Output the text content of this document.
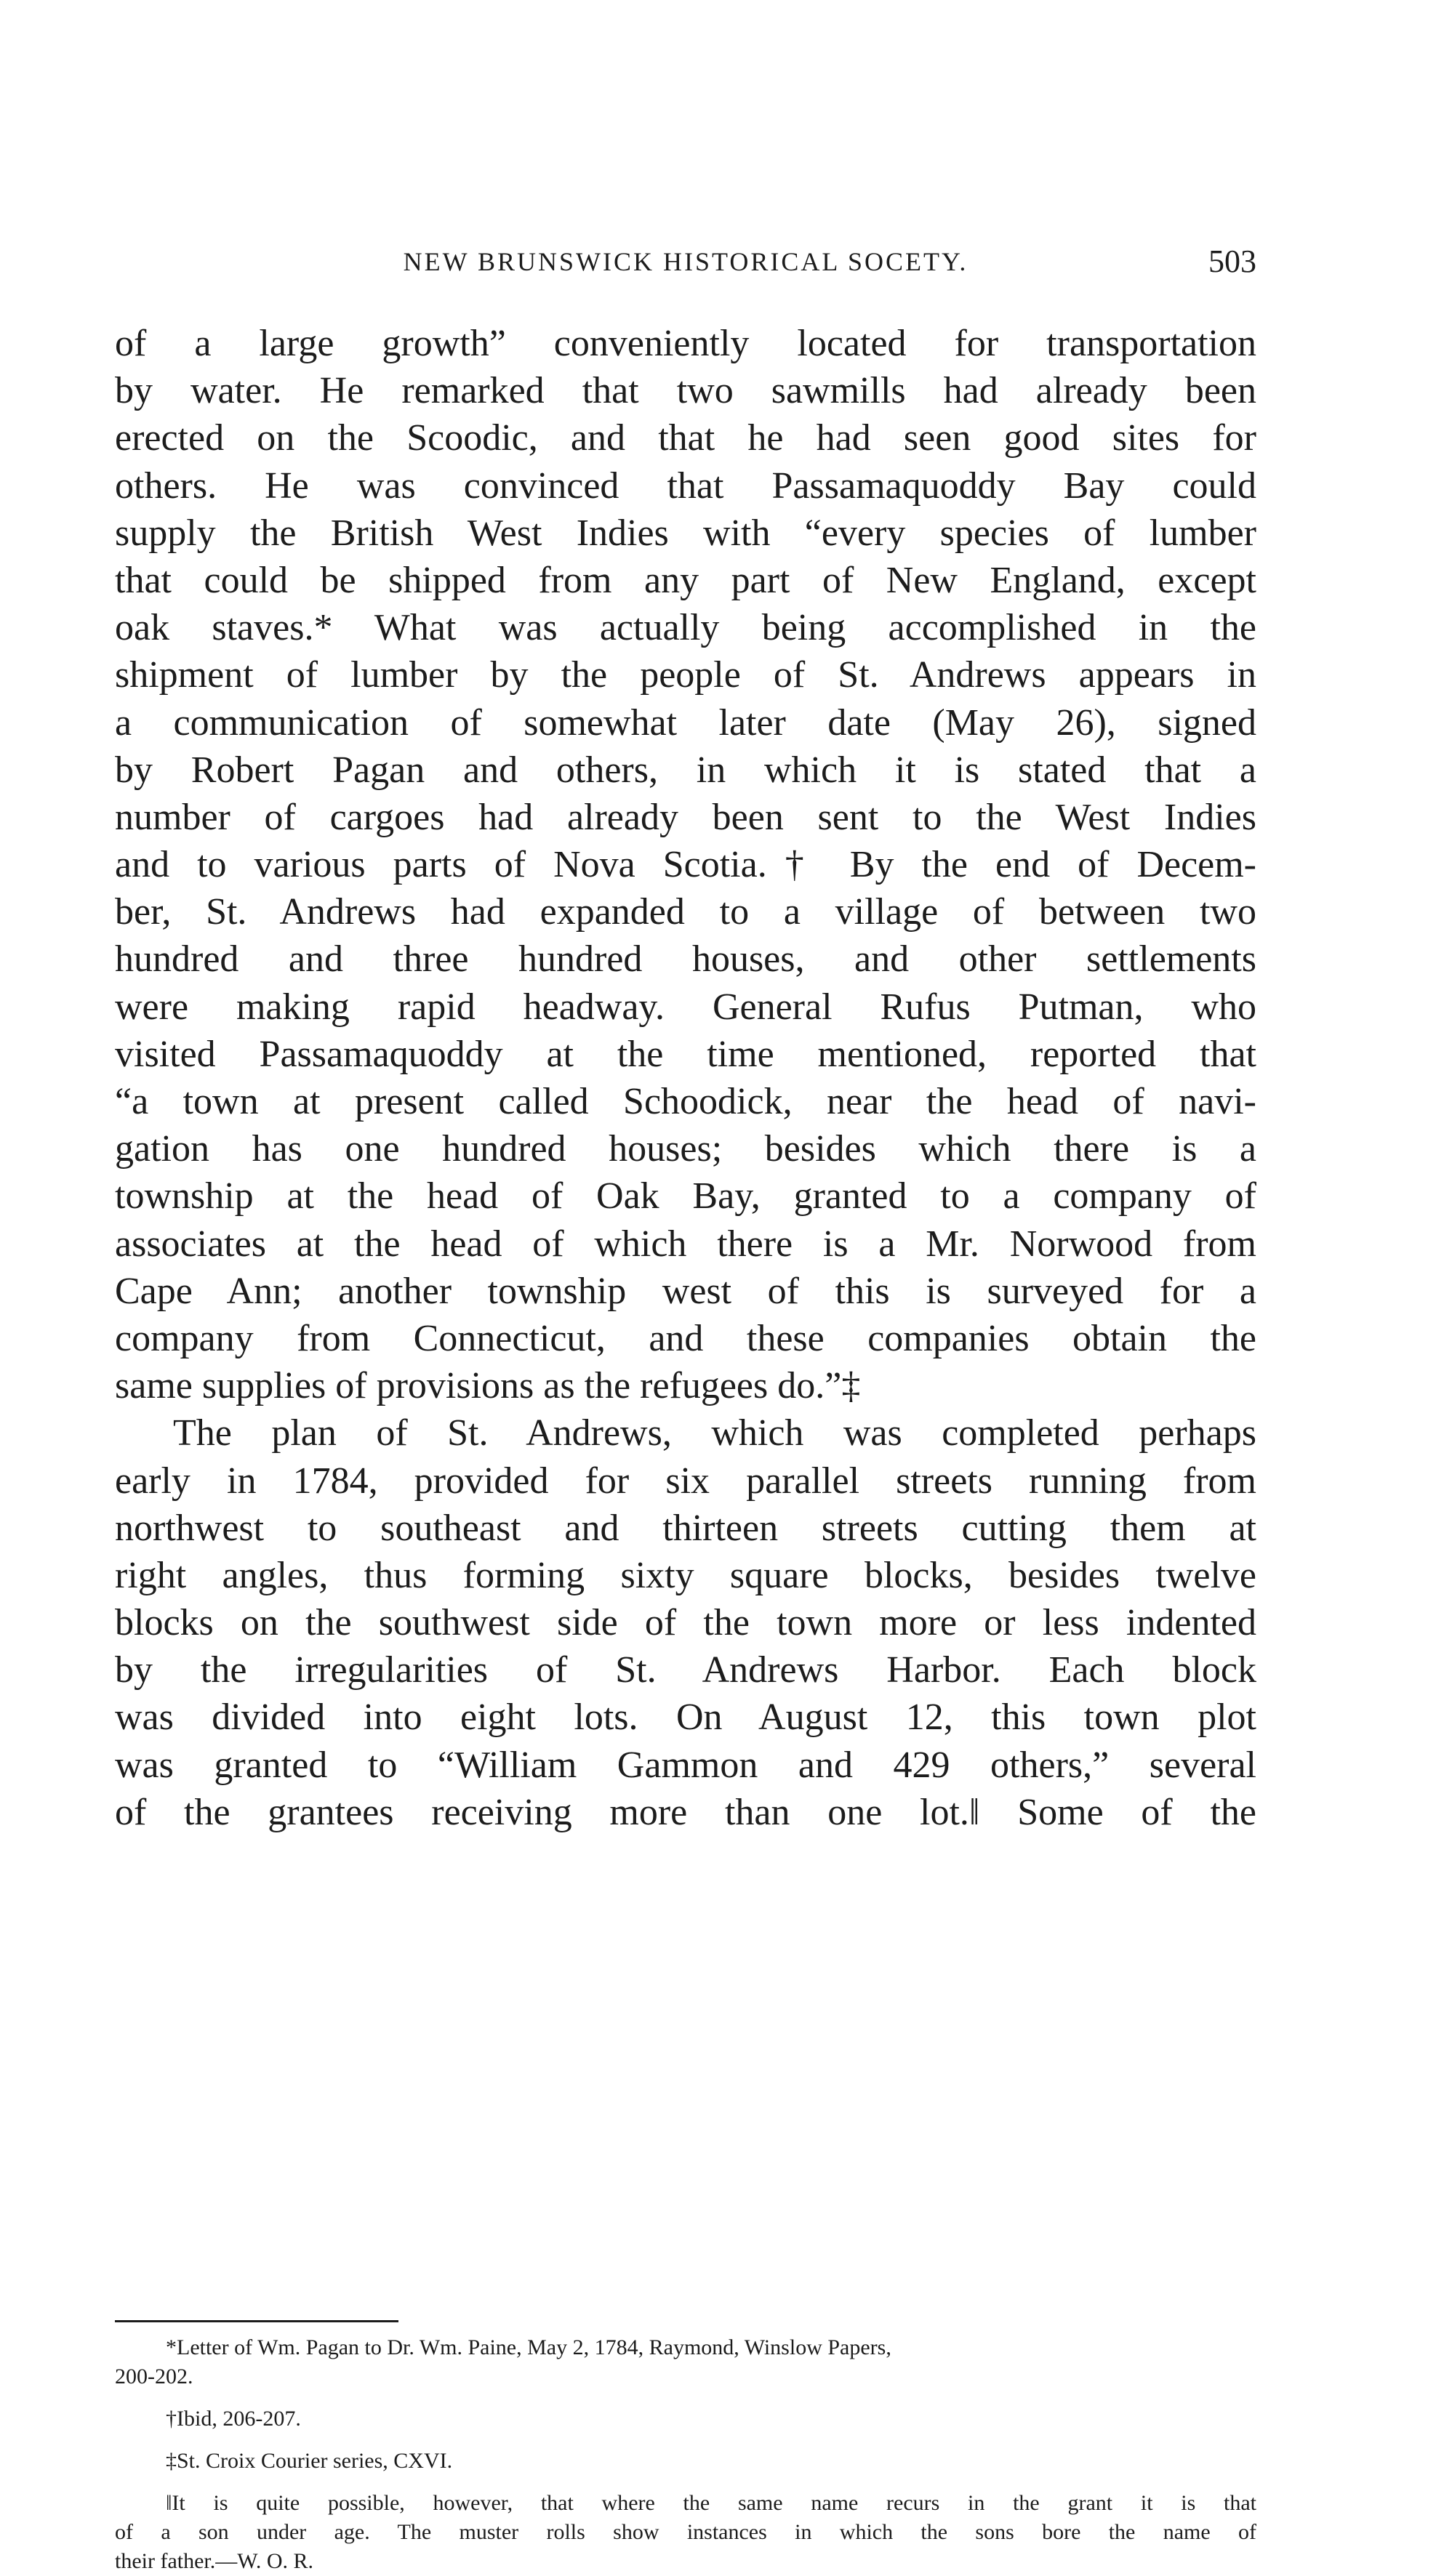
NEW BRUNSWICK HISTORICAL SOCETY.	503
of a large growth” conveniently located for transportation
by water. He remarked that two sawmills had already been
erected on the Scoodic, and that he had seen good sites for
others. He was convinced that Passamaquoddy Bay could
supply the British West Indies with “every species of lumber
that could be shipped from any part of New England, except
oak staves.* What was actually being accomplished in the
shipment of lumber by the people of St. Andrews appears in
a communication of somewhat later date (May 26), signed
by Robert Pagan and others, in which it is stated that a
number of cargoes had already been sent to the West Indies
and to various parts of Nova Scotia.† By the end of Decem-
ber, St. Andrews had expanded to a village of between two
hundred and three hundred houses, and other settlements
were making rapid headway. General Rufus Putman, who
visited Passamaquoddy at the time mentioned, reported that
“a town at present called Schoodick, near the head of navi-
gation has one hundred houses; besides which there is a
township at the head of Oak Bay, granted to a company of
associates at the head of which there is a Mr. Norwood from
Cape Ann; another township west of this is surveyed for a
company from Connecticut, and these companies obtain the
same supplies of provisions as the refugees do.”‡
The plan of St. Andrews, which was completed perhaps
early in 1784, provided for six parallel streets running from
northwest to southeast and thirteen streets cutting them at
right angles, thus forming sixty square blocks, besides twelve
blocks on the southwest side of the town more or less indented
by the irregularities of St. Andrews Harbor. Each block
was divided into eight lots. On August 12, this town plot
was granted to “William Gammon and 429 others,” several
of the grantees receiving more than one lot.‖ Some of the
*Letter of Wm. Pagan to Dr. Wm. Paine, May 2, 1784, Raymond, Winslow Papers,
200-202.
†Ibid, 206-207.
‡St. Croix Courier series, CXVI.
‖It is quite possible, however, that where the same name recurs in the grant it is that
of a son under age. The muster rolls show instances in which the sons bore the name of
their father.—W. O. R.
